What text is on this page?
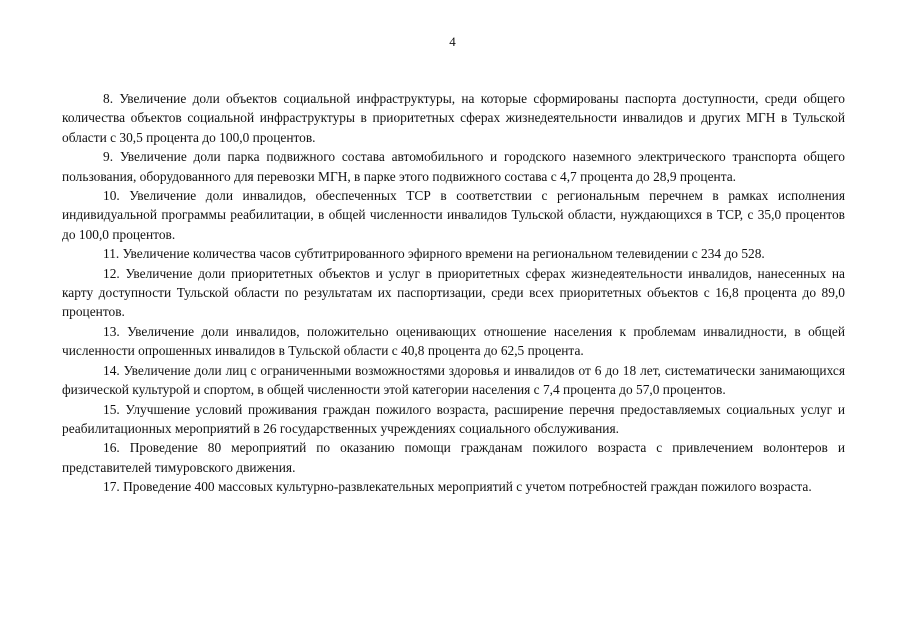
4

8. Увеличение доли объектов социальной инфраструктуры, на которые сформированы паспорта доступности, среди общего количества объектов социальной инфраструктуры в приоритетных сферах жизнедеятельности инвалидов и других МГН в Тульской области с 30,5 процента до 100,0 процентов.

9. Увеличение доли парка подвижного состава автомобильного и городского наземного электрического транспорта общего пользования, оборудованного для перевозки МГН, в парке этого подвижного состава с 4,7 процента до 28,9 процента.

10. Увеличение доли инвалидов, обеспеченных ТСР в соответствии с региональным перечнем в рамках исполнения индивидуальной программы реабилитации, в общей численности инвалидов Тульской области, нуждающихся в ТСР, с 35,0 процентов до 100,0 процентов.

11. Увеличение количества часов субтитрированного эфирного времени на региональном телевидении с 234 до 528.

12. Увеличение доли приоритетных объектов и услуг в приоритетных сферах жизнедеятельности инвалидов, нанесенных на карту доступности Тульской области по результатам их паспортизации, среди всех приоритетных объектов с 16,8 процента до 89,0 процентов.

13. Увеличение доли инвалидов, положительно оценивающих отношение населения к проблемам инвалидности, в общей численности опрошенных инвалидов в Тульской области с 40,8 процента до 62,5 процента.

14. Увеличение доли лиц с ограниченными возможностями здоровья и инвалидов от 6 до 18 лет, систематически занимающихся физической культурой и спортом, в общей численности этой категории населения с 7,4 процента до 57,0 процентов.

15. Улучшение условий проживания граждан пожилого возраста, расширение перечня предоставляемых социальных услуг и реабилитационных мероприятий в 26 государственных учреждениях социального обслуживания.

16. Проведение 80 мероприятий по оказанию помощи гражданам пожилого возраста с привлечением волонтеров и представителей тимуровского движения.

17. Проведение 400 массовых культурно-развлекательных мероприятий с учетом потребностей граждан пожилого возраста.
